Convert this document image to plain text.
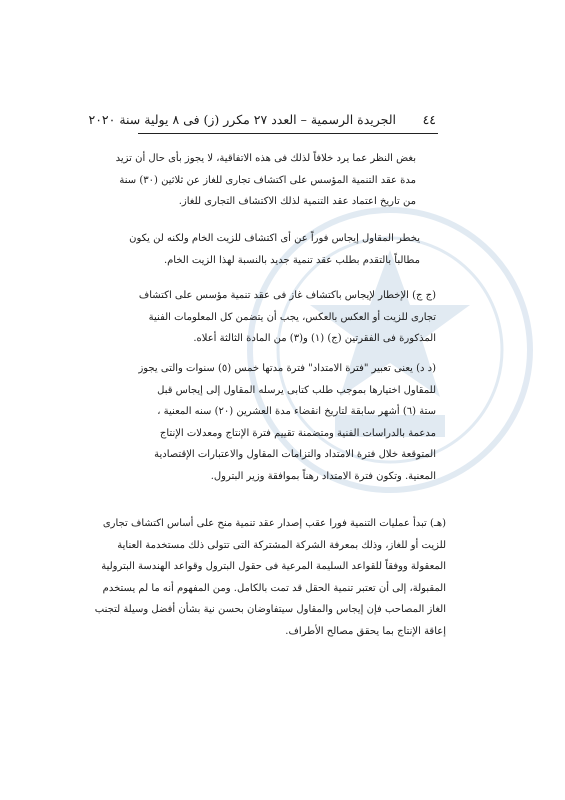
٤٤
الجريدة الرسمية – العدد ٢٧ مكرر (ز) فى ٨ يولية سنة ٢٠٢٠
بغض النظر عما يرد خلافاً لذلك فى هذه الاتفاقية، لا يجوز بأى حال أن تزيد
مدة عقد التنمية المؤسس على اكتشاف تجارى للغاز عن ثلاثين (٣٠) سنة
من تاريخ اعتماد عقد التنمية لذلك الاكتشاف التجارى للغاز.
يخطر المقاول إيجاس فوراً عن أى اكتشاف للزيت الخام ولكنه لن يكون
مطالباً بالتقدم بطلب عقد تنمية جديد بالنسبة لهذا الزيت الخام.
(ج ج) الإخطار لإيجاس باكتشاف غاز فى عقد تنمية مؤسس على اكتشاف
تجارى للزيت أو العكس بالعكس، يجب أن يتضمن كل المعلومات الفنية
المذكورة فى الفقرتين (ج) (١) و(٣) من المادة الثالثة أعلاه.
(د د) يعنى تعبير "فترة الامتداد" فترة مدتها خمس (٥) سنوات والتى يجوز
للمقاول اختيارها بموجب طلب كتابى يرسله المقاول إلى إيجاس قبل
ستة (٦) أشهر سابقة لتاريخ انقضاء مدة العشرين (٢٠) سنه المعنية ،
مدعمة بالدراسات الفنية ومتضمنة تقييم فترة الإنتاج ومعدلات الإنتاج
المتوقعة خلال فترة الامتداد والتزامات المقاول والاعتبارات الإقتصادية
المعنية. وتكون فترة الامتداد رهناً بموافقة وزير البترول.
(هـ) تبدأ عمليات التنمية فورا عقب إصدار عقد تنمية منح على أساس اكتشاف تجارى
للزيت أو للغاز، وذلك بمعرفة الشركة المشتركة التى تتولى ذلك مستخدمة العناية
المعقولة ووفقاً للقواعد السليمة المرعية فى حقول البترول وقواعد الهندسة البترولية
المقبولة، إلى أن تعتبر تنمية الحقل قد تمت بالكامل. ومن المفهوم أنه ما لم يستخدم
الغاز المصاحب فإن إيجاس والمقاول سيتفاوضان بحسن نية بشأن أفضل وسيلة لتجنب
إعاقة الإنتاج بما يحقق مصالح الأطراف.
